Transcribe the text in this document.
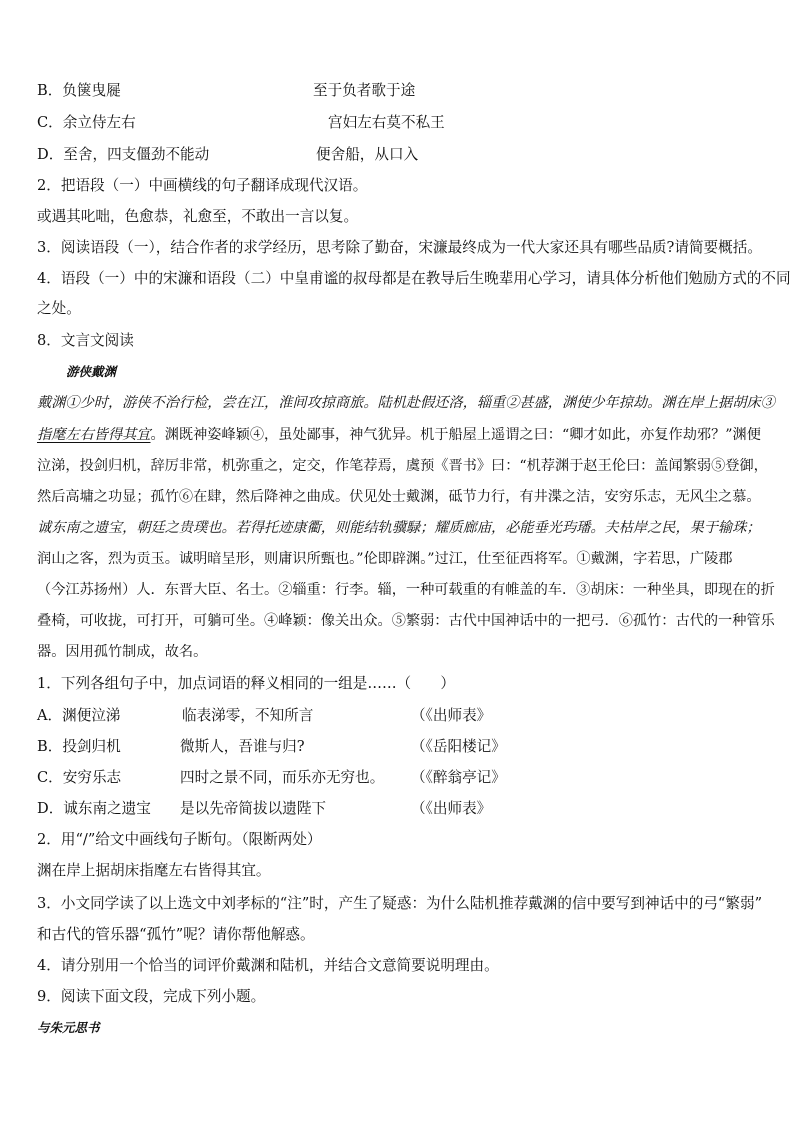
B．负箧曳屣	至于负者歌于途
C．余立侍左右	宫妇左右莫不私王
D．至舍，四支僵劲不能动	便舍船，从口入
2．把语段（一）中画横线的句子翻译成现代汉语。
或遇其叱咄，色愈恭，礼愈至，不敢出一言以复。
3．阅读语段（一），结合作者的求学经历，思考除了勤奋，宋濂最终成为一代大家还具有哪些品质?请简要概括。
4．语段（一）中的宋濂和语段（二）中皇甫谧的叔母都是在教导后生晚辈用心学习，请具体分析他们勉励方式的不同
之处。
8．文言文阅读
游侠戴渊
戴渊①少时，游侠不治行检，尝在江，淮间攻掠商旅。陆机赴假还洛，辎重②甚盛，渊使少年掠劫。渊在岸上据胡床③
指麾左右皆得其宜。渊既神姿峰颖④，虽处鄙事，神气犹异。机于船屋上遥谓之曰：“卿才如此，亦复作劫邪？”渊便
泣涕，投剑归机，辞厉非常，机弥重之，定交，作笔荐焉，虞预《晋书》曰：“机荐渊于赵王伦曰：盖闻繁弱⑤登御，
然后高墉之功显；孤竹⑥在肆，然后降神之曲成。伏见处士戴渊，砥节力行，有井渫之洁，安穷乐志，无风尘之慕。
诚东南之遗宝，朝廷之贵璞也。若得托迹康衢，则能结轨骥騄；耀质廊庙，必能垂光玙璠。夫枯岸之民，果于输珠；
润山之客，烈为贡玉。诚明暗呈形，则庸识所甄也。”伦即辟渊。”过江，仕至征西将军。①戴渊，字若思，广陵郡
（今江苏扬州）人．东晋大臣、名士。②辎重：行李。辎，一种可载重的有帷盖的车．③胡床：一种坐具，即现在的折
叠椅，可收拢，可打开，可躺可坐。④峰颖：像关出众。⑤繁弱：古代中国神话中的一把弓．⑥孤竹：古代的一种管乐
器。因用孤竹制成，故名。
1．下列各组句子中，加点词语的释义相同的一组是……（　　）
A．渊便泣涕	临表涕零，不知所言	（《出师表》
B．投剑归机	微斯人，吾谁与归?	（《岳阳楼记》
C．安穷乐志	四时之景不同，而乐亦无穷也。 （《醉翁亭记》
D．诚东南之遗宝 是以先帝简拔以遗陛下	（《出师表》
2．用“/”给文中画线句子断句。（限断两处）
渊在岸上据胡床指麾左右皆得其宜。
3．小文同学读了以上选文中刘孝标的“注”时，产生了疑惑：为什么陆机推荐戴渊的信中要写到神话中的弓“繁弱”
和古代的管乐器“孤竹”呢？请你帮他解惑。
4．请分别用一个恰当的词评价戴渊和陆机，并结合文意简要说明理由。
9．阅读下面文段，完成下列小题。
与朱元思书
